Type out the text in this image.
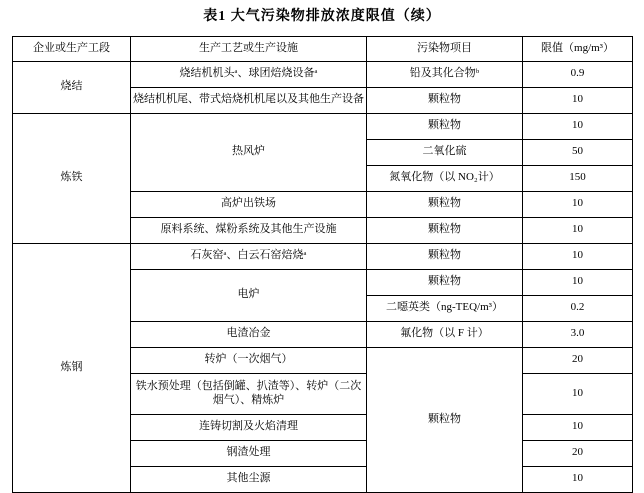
表1 大气污染物排放浓度限值（续）
企业或生产工段	生产工艺或生产设施	污染物项目	限值（mg/m³）
烧结	烧结机机头ᵃ、球团焙烧设备ᵃ	铅及其化合物ᵇ	0.9
	烧结机机尾、带式焙烧机机尾以及其他生产设备	颗粒物	10
炼铁	热风炉	颗粒物	10
		二氧化硫	50
		氮氧化物（以 NO₂计）	150
	高炉出铁场	颗粒物	10
	原料系统、煤粉系统及其他生产设施	颗粒物	10
炼钢	石灰窑ᵃ、白云石窑焙烧ᵃ	颗粒物	10
	电炉	颗粒物	10
		二噁英类（ng-TEQ/m³）	0.2
	电渣冶金	氟化物（以 F 计）	3.0
	转炉（一次烟气）	颗粒物	20
	铁水预处理（包括倒罐、扒渣等）、转炉（二次烟气）、精炼炉		10
	连铸切割及火焰清理		10
	钢渣处理		20
	其他尘源		10
